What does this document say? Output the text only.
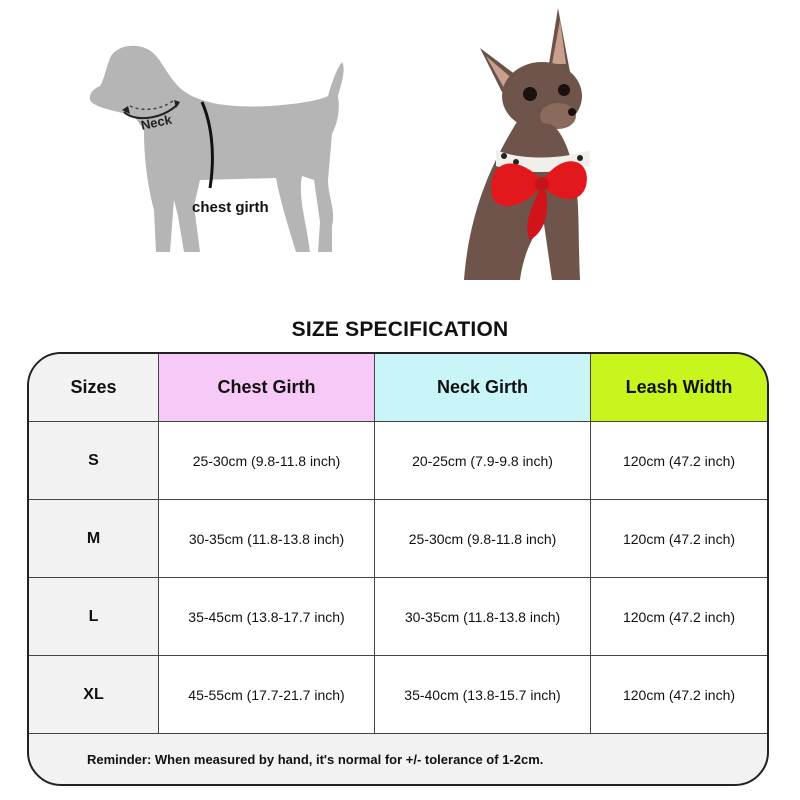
Neck
chest girth
SIZE SPECIFICATION
Sizes	Chest Girth	Neck Girth	Leash Width
S	25-30cm (9.8-11.8 inch)	20-25cm (7.9-9.8 inch)	120cm (47.2 inch)
M	30-35cm (11.8-13.8 inch)	25-30cm (9.8-11.8 inch)	120cm (47.2 inch)
L	35-45cm (13.8-17.7 inch)	30-35cm (11.8-13.8 inch)	120cm (47.2 inch)
XL	45-55cm (17.7-21.7 inch)	35-40cm (13.8-15.7 inch)	120cm (47.2 inch)
Reminder: When measured by hand, it's normal for +/- tolerance of 1-2cm.
